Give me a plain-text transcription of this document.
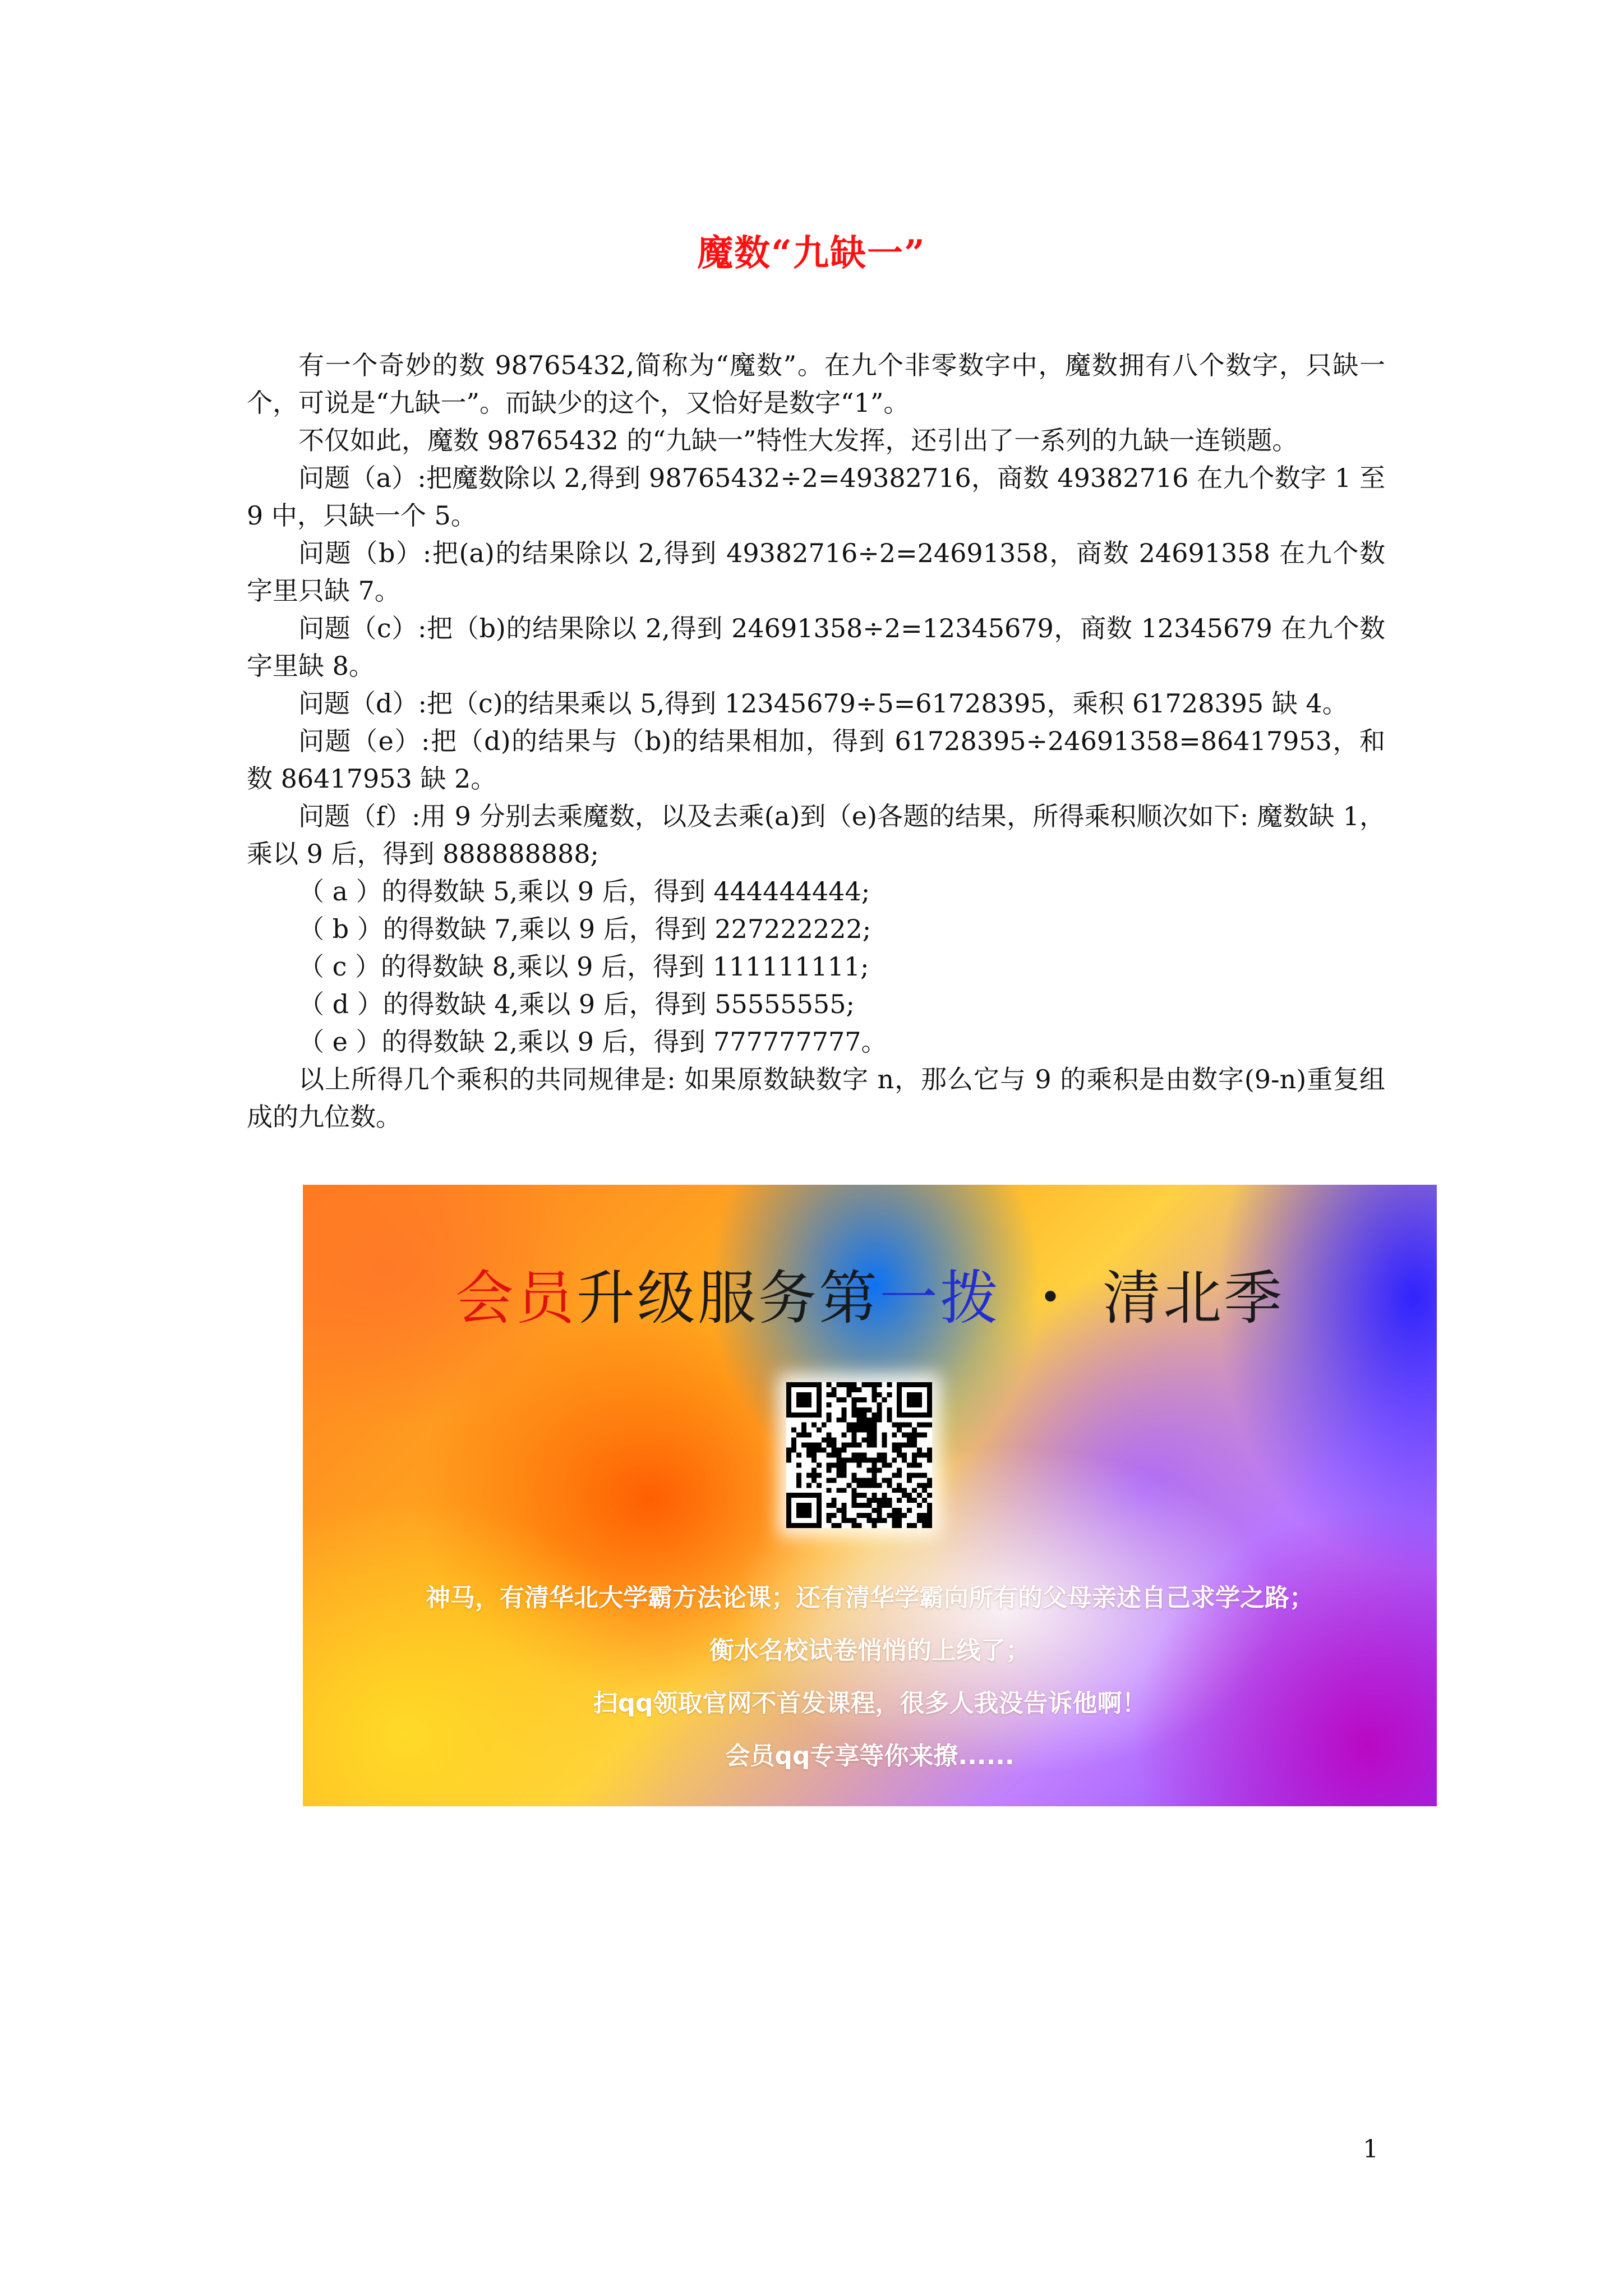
魔数“九缺一”

有一个奇妙的数 98765432,简称为“魔数”。在九个非零数字中，魔数拥有八个数字，只缺一个，可说是“九缺一”。而缺少的这个，又恰好是数字“1”。

不仅如此，魔数 98765432 的“九缺一”特性大发挥，还引出了一系列的九缺一连锁题。

问题（a）:把魔数除以 2,得到 98765432÷2=49382716，商数 49382716 在九个数字 1 至 9 中，只缺一个 5。

问题（b）:把(a)的结果除以 2,得到 49382716÷2=24691358，商数 24691358 在九个数字里只缺 7。

问题（c）:把（b)的结果除以 2,得到 24691358÷2=12345679，商数 12345679 在九个数字里缺 8。

问题（d）:把（c)的结果乘以 5,得到 12345679÷5=61728395，乘积 61728395 缺 4。

问题（e）:把（d)的结果与（b)的结果相加，得到 61728395÷24691358=86417953，和数 86417953 缺 2。

问题（f）:用 9 分别去乘魔数，以及去乘(a)到（e)各题的结果，所得乘积顺次如下: 魔数缺 1，乘以 9 后，得到 888888888;

（ a ）的得数缺 5,乘以 9 后，得到 444444444;

（ b ）的得数缺 7,乘以 9 后，得到 227222222;

（ c ）的得数缺 8,乘以 9 后，得到 111111111;

（ d ）的得数缺 4,乘以 9 后，得到 55555555;

（ e ）的得数缺 2,乘以 9 后，得到 777777777。

以上所得几个乘积的共同规律是: 如果原数缺数字 n，那么它与 9 的乘积是由数字(9-n)重复组成的九位数。

会员升级服务第一拨 ・ 清北季
神马，有清华北大学霸方法论课；还有清华学霸向所有的父母亲述自己求学之路；
衡水名校试卷悄悄的上线了；
扫qq领取官网不首发课程，很多人我没告诉他啊！
会员qq专享等你来撩......
1
